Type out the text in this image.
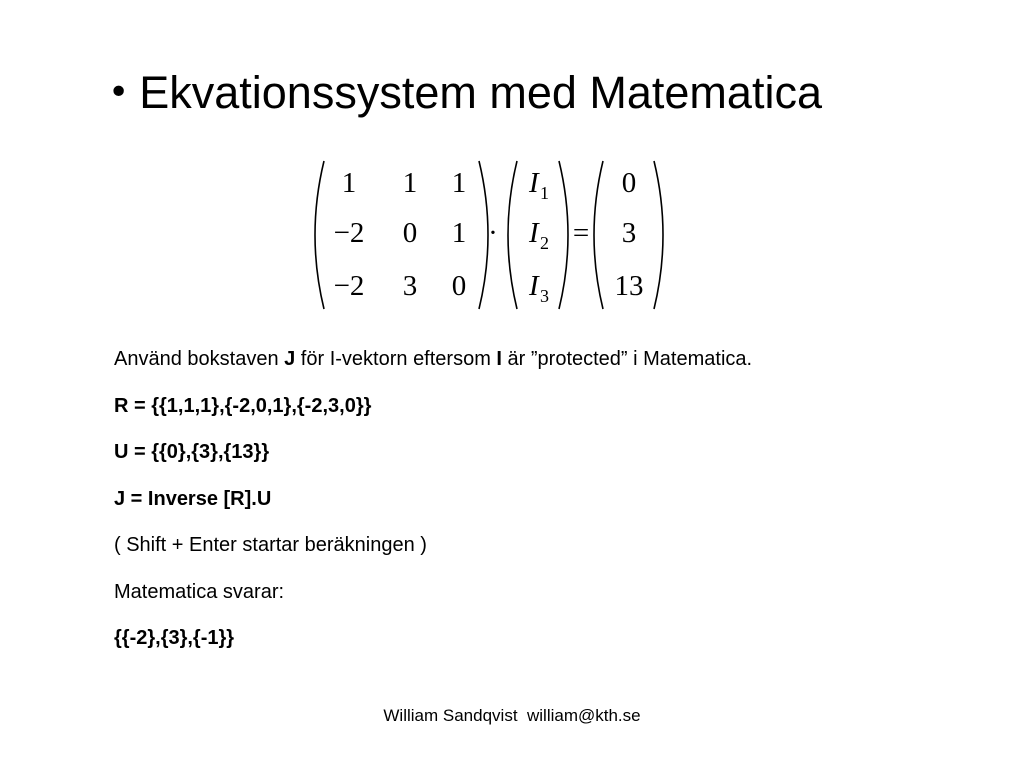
• Ekvationssystem med Matematica
1 1 1
−2 0 1
−2 3 0
·
I 1
I 2
I 3
=
0
3
13
Använd bokstaven J för I-vektorn eftersom I är ”protected” i Matematica.
R = {{1,1,1},{-2,0,1},{-2,3,0}}
U = {{0},{3},{13}}
J = Inverse [R].U
( Shift + Enter startar beräkningen )
Matematica svarar:
{{-2},{3},{-1}}
William Sandqvist  william@kth.se
